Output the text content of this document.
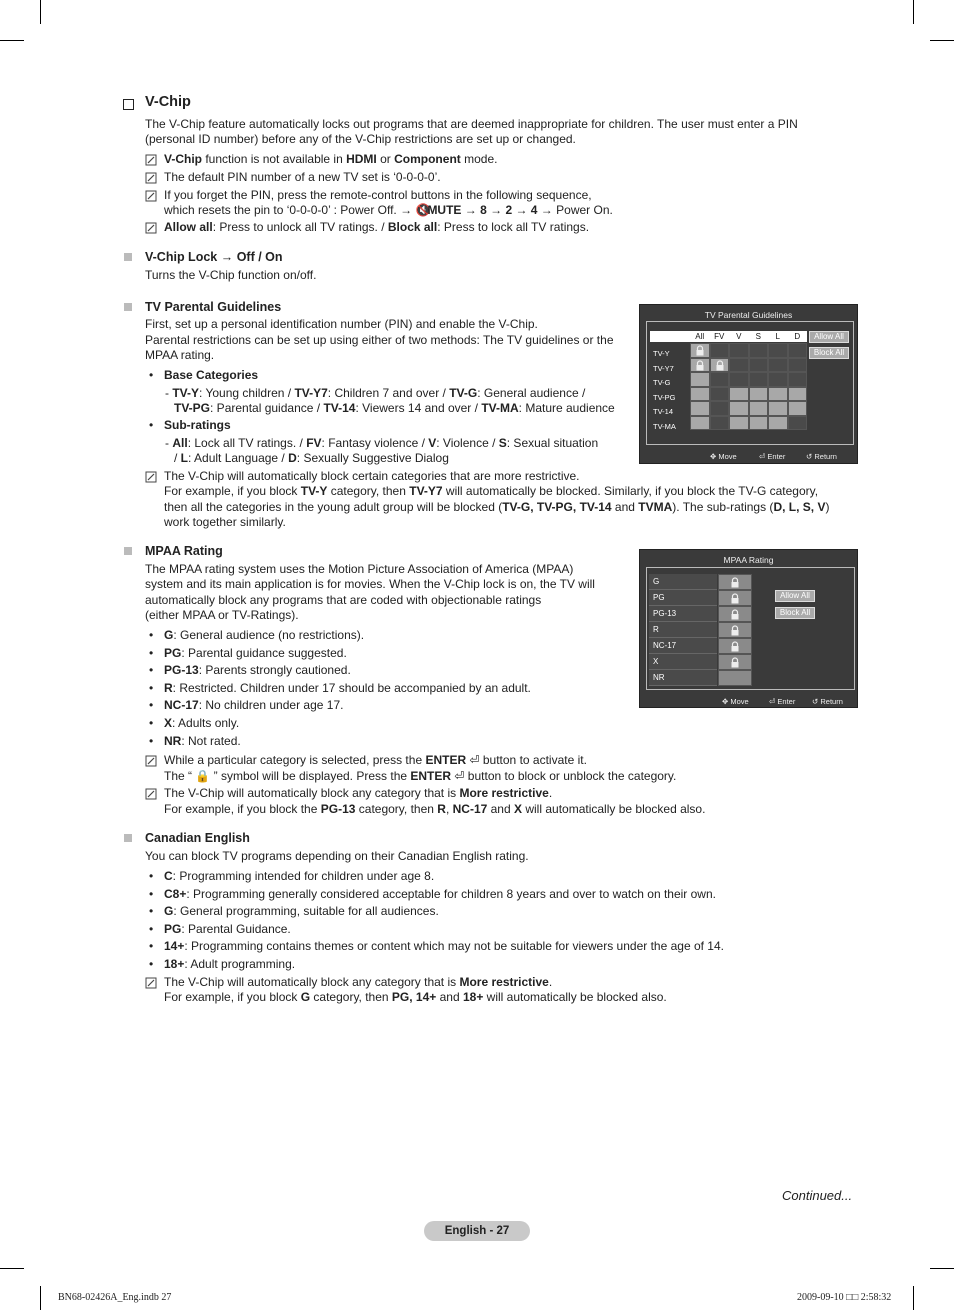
V-Chip
The V-Chip feature automatically locks out programs that are deemed inappropriate for children. The user must enter a PIN
(personal ID number) before any of the V-Chip restrictions are set up or changed.
V-Chip function is not available in HDMI or Component mode.
The default PIN number of a new TV set is ‘0-0-0-0’.
If you forget the PIN, press the remote-control buttons in the following sequence,
which resets the pin to ‘0-0-0-0’ : Power Off. → 🔇MUTE → 8 → 2 → 4 → Power On.
Allow all: Press to unlock all TV ratings. / Block all: Press to lock all TV ratings.
V-Chip Lock → Off / On
Turns the V-Chip function on/off.
TV Parental Guidelines
First, set up a personal identification number (PIN) and enable the V-Chip.
Parental restrictions can be set up using either of two methods: The TV guidelines or the
MPAA rating.
• Base Categories
- TV-Y: Young children / TV-Y7: Children 7 and over / TV-G: General audience /
TV-PG: Parental guidance / TV-14: Viewers 14 and over / TV-MA: Mature audience
• Sub-ratings
- All: Lock all TV ratings. / FV: Fantasy violence / V: Violence / S: Sexual situation
/ L: Adult Language / D: Sexually Suggestive Dialog
The V-Chip will automatically block certain categories that are more restrictive.
For example, if you block TV-Y category, then TV-Y7 will automatically be blocked. Similarly, if you block the TV-G category,
then all the categories in the young adult group will be blocked (TV-G, TV-PG, TV-14 and TVMA). The sub-ratings (D, L, S, V)
work together similarly.
TV Parental Guidelines
Allow All
Block All
✥ Move	⏎ Enter	↺ Return
All	FV	V	S	L	D
TV-Y
TV-Y7
TV-G
TV-PG
TV-14
TV-MA
MPAA Rating
The MPAA rating system uses the Motion Picture Association of America (MPAA)
system and its main application is for movies. When the V-Chip lock is on, the TV will
automatically block any programs that are coded with objectionable ratings
(either MPAA or TV-Ratings).
• G: General audience (no restrictions).
• PG: Parental guidance suggested.
• PG-13: Parents strongly cautioned.
• R: Restricted. Children under 17 should be accompanied by an adult.
• NC-17: No children under age 17.
• X: Adults only.
• NR: Not rated.
While a particular category is selected, press the ENTER ⏎ button to activate it.
The “ 🔒 ” symbol will be displayed. Press the ENTER ⏎ button to block or unblock the category.
The V-Chip will automatically block any category that is More restrictive.
For example, if you block the PG-13 category, then R, NC-17 and X will automatically be blocked also.
MPAA Rating
Allow All
Block All
✥ Move	⏎ Enter ↺ Return
G
PG
PG-13
R
NC-17
X
NR
Canadian English
You can block TV programs depending on their Canadian English rating.
• C: Programming intended for children under age 8.
• C8+: Programming generally considered acceptable for children 8 years and over to watch on their own.
• G: General programming, suitable for all audiences.
• PG: Parental Guidance.
• 14+: Programming contains themes or content which may not be suitable for viewers under the age of 14.
• 18+: Adult programming.
The V-Chip will automatically block any category that is More restrictive.
For example, if you block G category, then PG, 14+ and 18+ will automatically be blocked also.
Continued...
English - 27
BN68-02426A_Eng.indb 27	2009-09-10 □□ 2:58:32
